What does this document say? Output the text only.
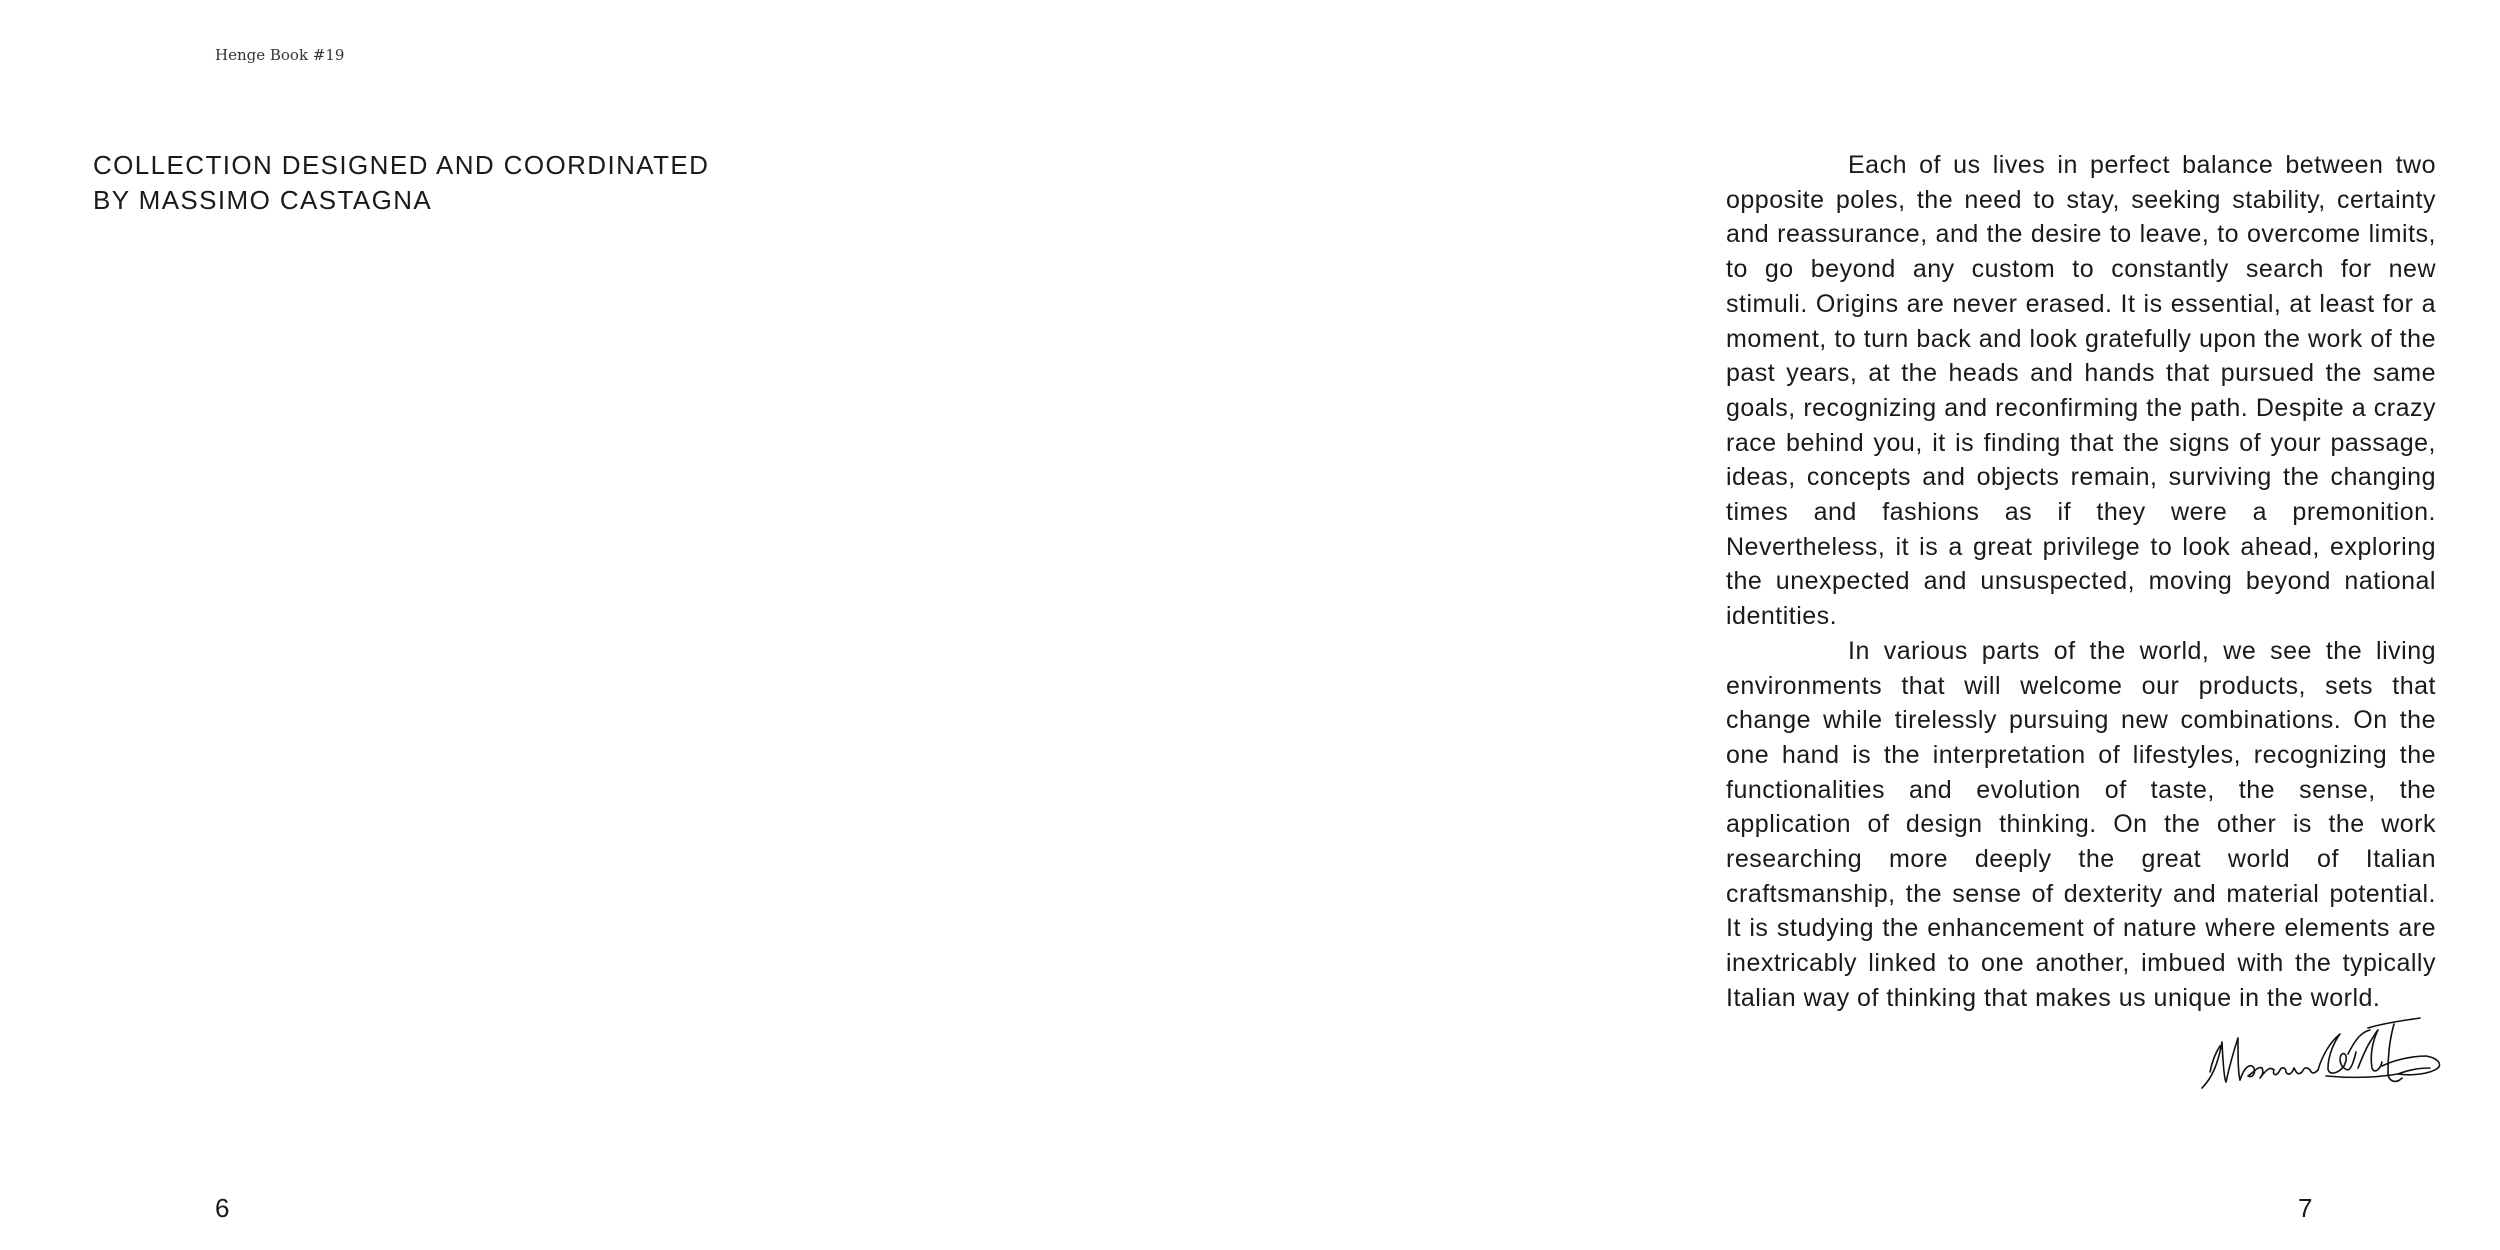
Henge Book #19
COLLECTION DESIGNED AND COORDINATED
BY MASSIMO CASTAGNA

Each of us lives in perfect balance between two opposite poles, the need to stay, seeking stability, certainty and reassurance, and the desire to leave, to overcome limits, to go beyond any custom to constantly search for new stimuli. Origins are never erased. It is essential, at least for a moment, to turn back and look gratefully upon the work of the past years, at the heads and hands that pursued the same goals, recognizing and reconfirming the path. Despite a crazy race behind you, it is finding that the signs of your passage, ideas, concepts and objects remain, surviving the changing times and fashions as if they were a premonition. Nevertheless, it is a great privilege to look ahead, exploring the unexpected and unsuspected, moving beyond national identities.

In various parts of the world, we see the living environments that will welcome our products, sets that change while tirelessly pursuing new combinations. On the one hand is the interpretation of lifestyles, recognizing the functionalities and evolution of taste, the sense, the application of design thinking. On the other is the work researching more deeply the great world of Italian craftsmanship, the sense of dexterity and material potential. It is studying the enhancement of nature where elements are inextricably linked to one another, imbued with the typically Italian way of thinking that makes us unique in the world.

6	7
